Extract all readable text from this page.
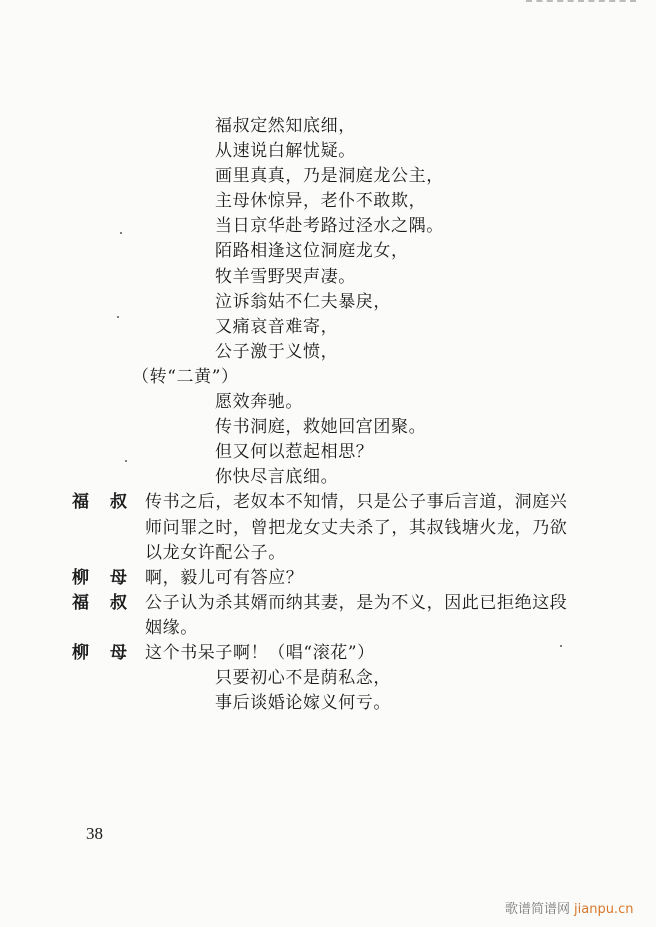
福叔定然知底细，
从速说白解忧疑。
画里真真，乃是洞庭龙公主，
主母休惊异，老仆不敢欺，
当日京华赴考路过泾水之隅。
陌路相逢这位洞庭龙女，
牧羊雪野哭声凄。
泣诉翁姑不仁夫暴戾，
又痛哀音难寄，
公子激于义愤，
（转“二黄”）
愿效奔驰。
传书洞庭，救她回宫团聚。
但又何以惹起相思？
你快尽言底细。
福叔 传书之后，老奴本不知情，只是公子事后言道，洞庭兴
师问罪之时，曾把龙女丈夫杀了，其叔钱塘火龙，乃欲
以龙女许配公子。
柳母 啊，毅儿可有答应？
福叔 公子认为杀其婿而纳其妻，是为不义，因此已拒绝这段
姻缘。
柳母 这个书呆子啊！（唱“滚花”）
只要初心不是荫私念，
事后谈婚论嫁义何亏。
38
歌谱简谱网 jianpu.cn
